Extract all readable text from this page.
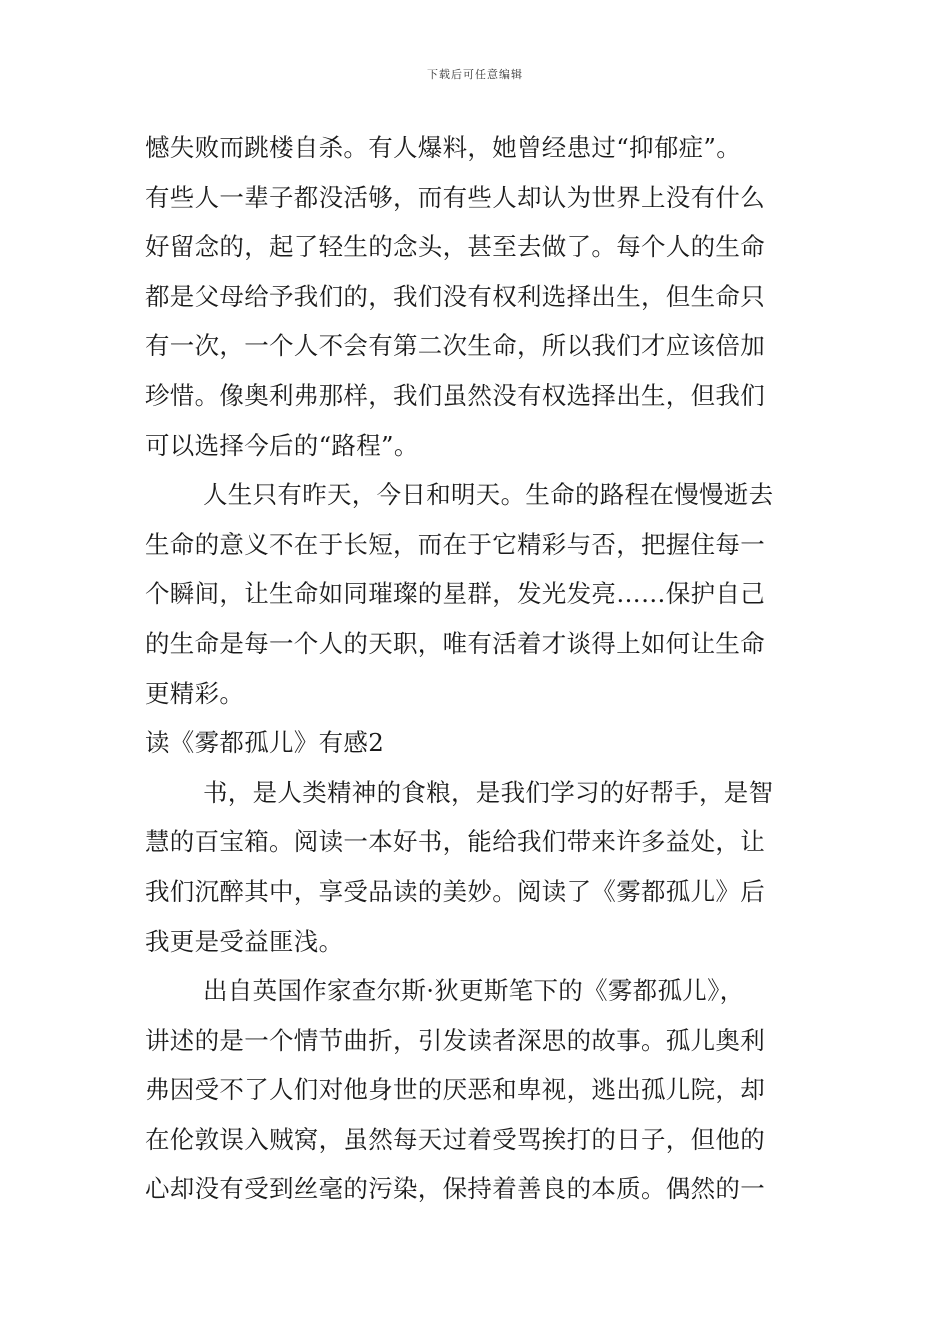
下载后可任意编辑
憾失败而跳楼自杀。有人爆料，她曾经患过“抑郁症”。
有些人一辈子都没活够，而有些人却认为世界上没有什么
好留念的，起了轻生的念头，甚至去做了。每个人的生命
都是父母给予我们的，我们没有权利选择出生，但生命只
有一次，一个人不会有第二次生命，所以我们才应该倍加
珍惜。像奥利弗那样，我们虽然没有权选择出生，但我们
可以选择今后的“路程”。
人生只有昨天，今日和明天。生命的路程在慢慢逝去
生命的意义不在于长短，而在于它精彩与否，把握住每一
个瞬间，让生命如同璀璨的星群，发光发亮……保护自己
的生命是每一个人的天职，唯有活着才谈得上如何让生命
更精彩。
读《雾都孤儿》有感2
书，是人类精神的食粮，是我们学习的好帮手，是智
慧的百宝箱。阅读一本好书，能给我们带来许多益处，让
我们沉醉其中，享受品读的美妙。阅读了《雾都孤儿》后
我更是受益匪浅。
出自英国作家查尔斯·狄更斯笔下的《雾都孤儿》，
讲述的是一个情节曲折，引发读者深思的故事。孤儿奥利
弗因受不了人们对他身世的厌恶和卑视，逃出孤儿院，却
在伦敦误入贼窝，虽然每天过着受骂挨打的日子，但他的
心却没有受到丝毫的污染，保持着善良的本质。偶然的一
